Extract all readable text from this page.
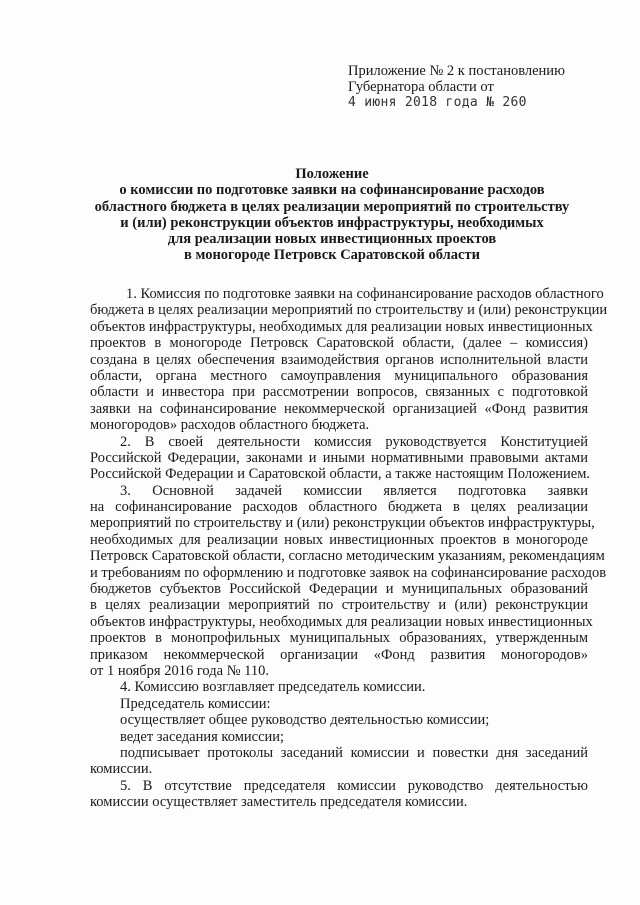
Приложение № 2 к постановлению
Губернатора области от
4 июня 2018 года № 260
Положение
о комиссии по подготовке заявки на софинансирование расходов
областного бюджета в целях реализации мероприятий по строительству
и (или) реконструкции объектов инфраструктуры, необходимых
для реализации новых инвестиционных проектов
в моногороде Петровск Саратовской области
1. Комиссия по подготовке заявки на софинансирование расходов областного
бюджета в целях реализации мероприятий по строительству и (или) реконструкции
объектов инфраструктуры, необходимых для реализации новых инвестиционных
проектов в моногороде Петровск Саратовской области, (далее – комиссия)
создана в целях обеспечения взаимодействия органов исполнительной власти
области, органа местного самоуправления муниципального образования
области и инвестора при рассмотрении вопросов, связанных с подготовкой
заявки на софинансирование некоммерческой организацией «Фонд развития
моногородов» расходов областного бюджета.
2. В своей деятельности комиссия руководствуется Конституцией
Российской Федерации, законами и иными нормативными правовыми актами
Российской Федерации и Саратовской области, а также настоящим Положением.
3. Основной задачей комиссии является подготовка заявки
на софинансирование расходов областного бюджета в целях реализации
мероприятий по строительству и (или) реконструкции объектов инфраструктуры,
необходимых для реализации новых инвестиционных проектов в моногороде
Петровск Саратовской области, согласно методическим указаниям, рекомендациям
и требованиям по оформлению и подготовке заявок на софинансирование расходов
бюджетов субъектов Российской Федерации и муниципальных образований
в целях реализации мероприятий по строительству и (или) реконструкции
объектов инфраструктуры, необходимых для реализации новых инвестиционных
проектов в монопрофильных муниципальных образованиях, утвержденным
приказом некоммерческой организации «Фонд развития моногородов»
от 1 ноября 2016 года № 110.
4. Комиссию возглавляет председатель комиссии.
Председатель комиссии:
осуществляет общее руководство деятельностью комиссии;
ведет заседания комиссии;
подписывает протоколы заседаний комиссии и повестки дня заседаний
комиссии.
5. В отсутствие председателя комиссии руководство деятельностью
комиссии осуществляет заместитель председателя комиссии.
